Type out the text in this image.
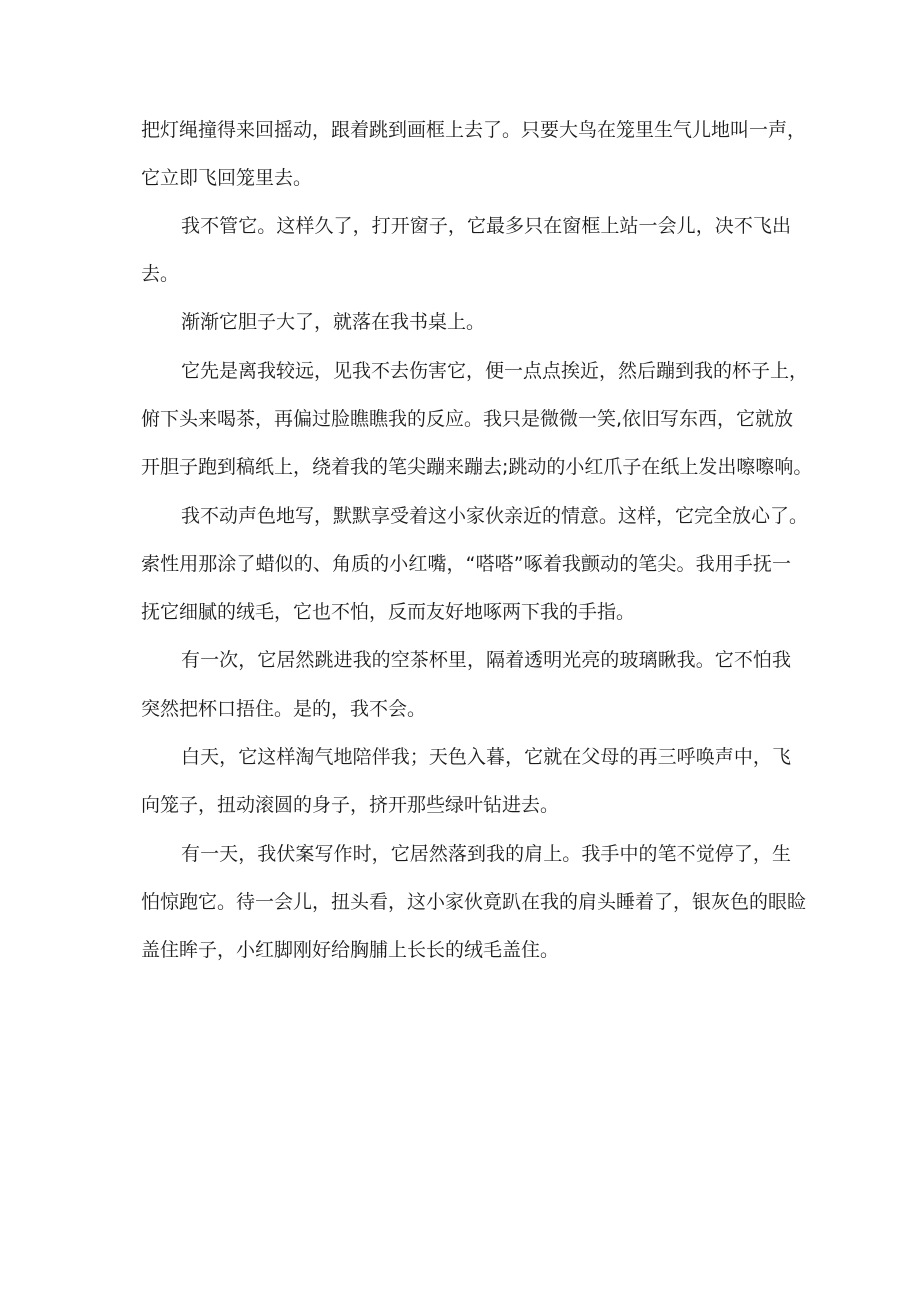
把灯绳撞得来回摇动，跟着跳到画框上去了。只要大鸟在笼里生气儿地叫一声，
它立即飞回笼里去。
我不管它。这样久了，打开窗子，它最多只在窗框上站一会儿，决不飞出
去。
渐渐它胆子大了，就落在我书桌上。
它先是离我较远，见我不去伤害它，便一点点挨近，然后蹦到我的杯子上，
俯下头来喝茶，再偏过脸瞧瞧我的反应。我只是微微一笑,依旧写东西，它就放
开胆子跑到稿纸上，绕着我的笔尖蹦来蹦去;跳动的小红爪子在纸上发出嚓嚓响。
我不动声色地写，默默享受着这小家伙亲近的情意。这样，它完全放心了。
索性用那涂了蜡似的、角质的小红嘴，“嗒嗒”啄着我颤动的笔尖。我用手抚一
抚它细腻的绒毛，它也不怕，反而友好地啄两下我的手指。
有一次，它居然跳进我的空茶杯里，隔着透明光亮的玻璃瞅我。它不怕我
突然把杯口捂住。是的，我不会。
白天，它这样淘气地陪伴我；天色入暮，它就在父母的再三呼唤声中，飞
向笼子，扭动滚圆的身子，挤开那些绿叶钻进去。
有一天，我伏案写作时，它居然落到我的肩上。我手中的笔不觉停了，生
怕惊跑它。待一会儿，扭头看，这小家伙竟趴在我的肩头睡着了，银灰色的眼睑
盖住眸子，小红脚刚好给胸脯上长长的绒毛盖住。
